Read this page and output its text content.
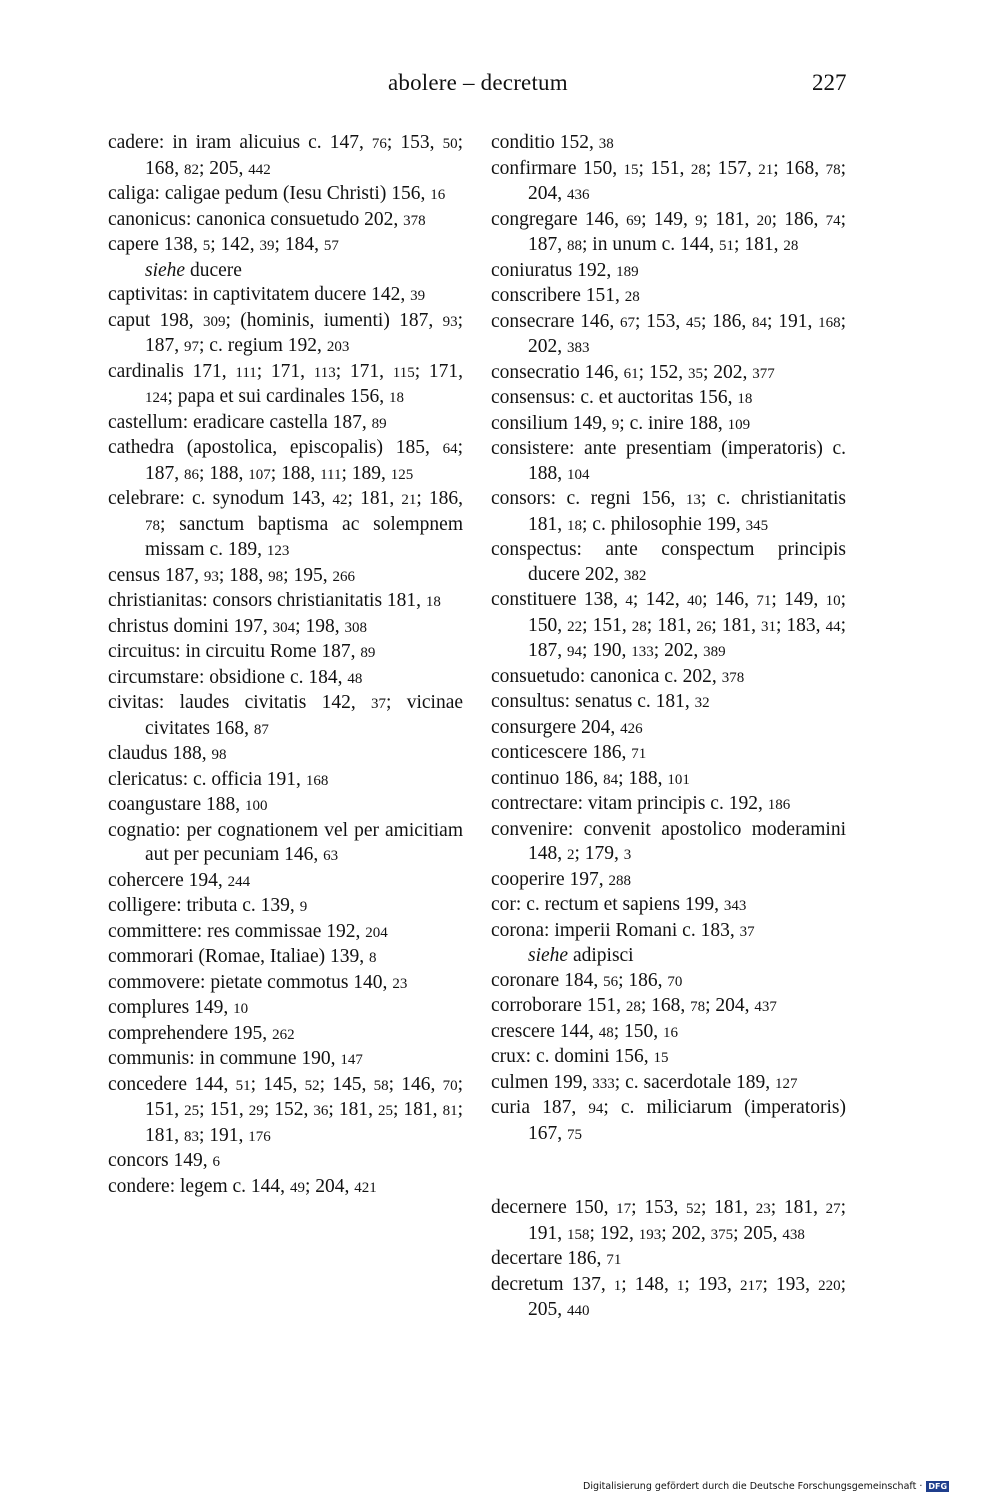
abolere – decretum	227
cadere: in iram alicuius c. 147, 76; 153, 50; 168, 82; 205, 442
caliga: caligae pedum (Iesu Christi) 156, 16
canonicus: canonica consuetudo 202, 378
capere 138, 5; 142, 39; 184, 57
siehe ducere
captivitas: in captivitatem ducere 142, 39
caput 198, 309; (hominis, iumenti) 187, 93; 187, 97; c. regium 192, 203
cardinalis 171, 111; 171, 113; 171, 115; 171, 124; papa et sui cardinales 156, 18
castellum: eradicare castella 187, 89
cathedra (apostolica, episcopalis) 185, 64; 187, 86; 188, 107; 188, 111; 189, 125
celebrare: c. synodum 143, 42; 181, 21; 186, 78; sanctum baptisma ac solempnem missam c. 189, 123
census 187, 93; 188, 98; 195, 266
christianitas: consors christianitatis 181, 18
christus domini 197, 304; 198, 308
circuitus: in circuitu Rome 187, 89
circumstare: obsidione c. 184, 48
civitas: laudes civitatis 142, 37; vicinae civitates 168, 87
claudus 188, 98
clericatus: c. officia 191, 168
coangustare 188, 100
cognatio: per cognationem vel per amicitiam aut per pecuniam 146, 63
cohercere 194, 244
colligere: tributa c. 139, 9
committere: res commissae 192, 204
commorari (Romae, Italiae) 139, 8
commovere: pietate commotus 140, 23
complures 149, 10
comprehendere 195, 262
communis: in commune 190, 147
concedere 144, 51; 145, 52; 145, 58; 146, 70; 151, 25; 151, 29; 152, 36; 181, 25; 181, 81; 181, 83; 191, 176
concors 149, 6
condere: legem c. 144, 49; 204, 421
conditio 152, 38
confirmare 150, 15; 151, 28; 157, 21; 168, 78; 204, 436
congregare 146, 69; 149, 9; 181, 20; 186, 74; 187, 88; in unum c. 144, 51; 181, 28
coniuratus 192, 189
conscribere 151, 28
consecrare 146, 67; 153, 45; 186, 84; 191, 168; 202, 383
consecratio 146, 61; 152, 35; 202, 377
consensus: c. et auctoritas 156, 18
consilium 149, 9; c. inire 188, 109
consistere: ante presentiam (imperatoris) c. 188, 104
consors: c. regni 156, 13; c. christianitatis 181, 18; c. philosophie 199, 345
conspectus: ante conspectum principis ducere 202, 382
constituere 138, 4; 142, 40; 146, 71; 149, 10; 150, 22; 151, 28; 181, 26; 181, 31; 183, 44; 187, 94; 190, 133; 202, 389
consuetudo: canonica c. 202, 378
consultus: senatus c. 181, 32
consurgere 204, 426
conticescere 186, 71
continuo 186, 84; 188, 101
contrectare: vitam principis c. 192, 186
convenire: convenit apostolico moderamini 148, 2; 179, 3
cooperire 197, 288
cor: c. rectum et sapiens 199, 343
corona: imperii Romani c. 183, 37
siehe adipisci
coronare 184, 56; 186, 70
corroborare 151, 28; 168, 78; 204, 437
crescere 144, 48; 150, 16
crux: c. domini 156, 15
culmen 199, 333; c. sacerdotale 189, 127
curia 187, 94; c. miliciarum (imperatoris) 167, 75
decernere 150, 17; 153, 52; 181, 23; 181, 27; 191, 158; 192, 193; 202, 375; 205, 438
decertare 186, 71
decretum 137, 1; 148, 1; 193, 217; 193, 220; 205, 440
Digitalisierung gefördert durch die Deutsche Forschungsgemeinschaft · DFG
